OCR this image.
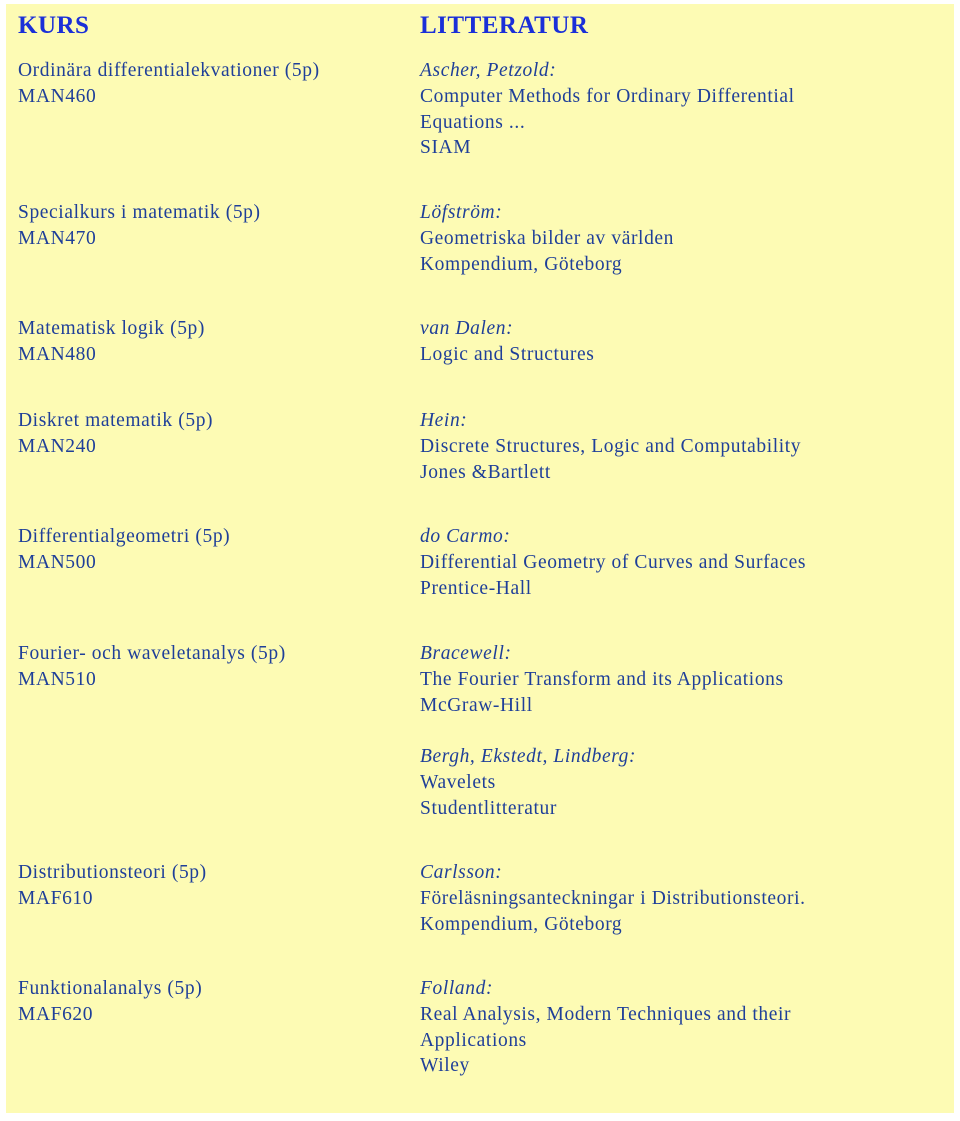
KURS	LITTERATUR
Ordinära differentialekvationer (5p)
MAN460
Ascher, Petzold:
Computer Methods for Ordinary Differential
Equations ...
SIAM
Specialkurs i matematik (5p)
MAN470
Löfström:
Geometriska bilder av världen
Kompendium, Göteborg
Matematisk logik (5p)
MAN480
van Dalen:
Logic and Structures
Diskret matematik (5p)
MAN240
Hein:
Discrete Structures, Logic and Computability
Jones &Bartlett
Differentialgeometri (5p)
MAN500
do Carmo:
Differential Geometry of Curves and Surfaces
Prentice-Hall
Fourier- och waveletanalys (5p)
MAN510
Bracewell:
The Fourier Transform and its Applications
McGraw-Hill
Bergh, Ekstedt, Lindberg:
Wavelets
Studentlitteratur
Distributionsteori (5p)
MAF610
Carlsson:
Föreläsningsanteckningar i Distributionsteori.
Kompendium, Göteborg
Funktionalanalys (5p)
MAF620
Folland:
Real Analysis, Modern Techniques and their
Applications
Wiley
